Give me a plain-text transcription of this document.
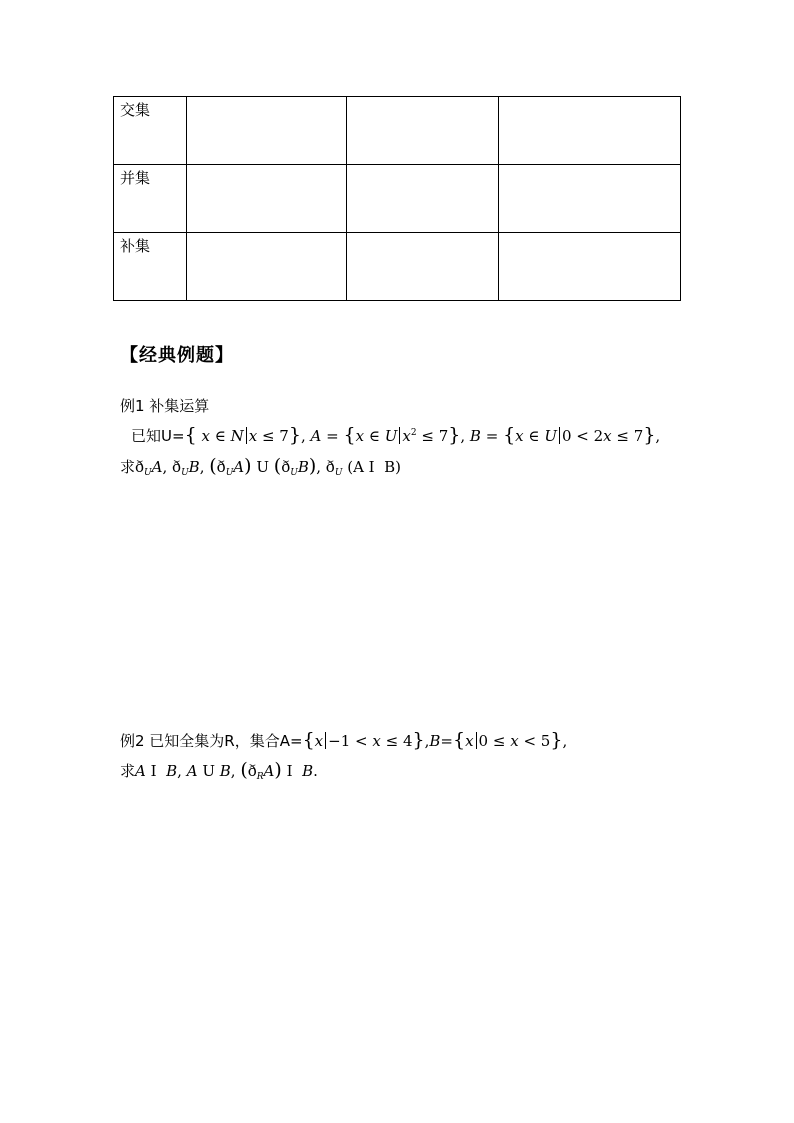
交集			
并集			
补集			
【经典例题】
例1 补集运算
已知U={ x ∈ N x ≤ 7}, A = {x ∈ U $x^2 \le 7$}, B = {x ∈ U 0 < 2x ≤ 7},
求$ð_UA$, $ð_UB$, $(ð_UA)$ U $(ð_UB)$, $ð_U$ (A I  B)
例2 已知全集为R，集合A={x −1 < x ≤ 4},B={x 0 ≤ x < 5},
求A I  B, A U B, $(ð_RA)$ I  B.
